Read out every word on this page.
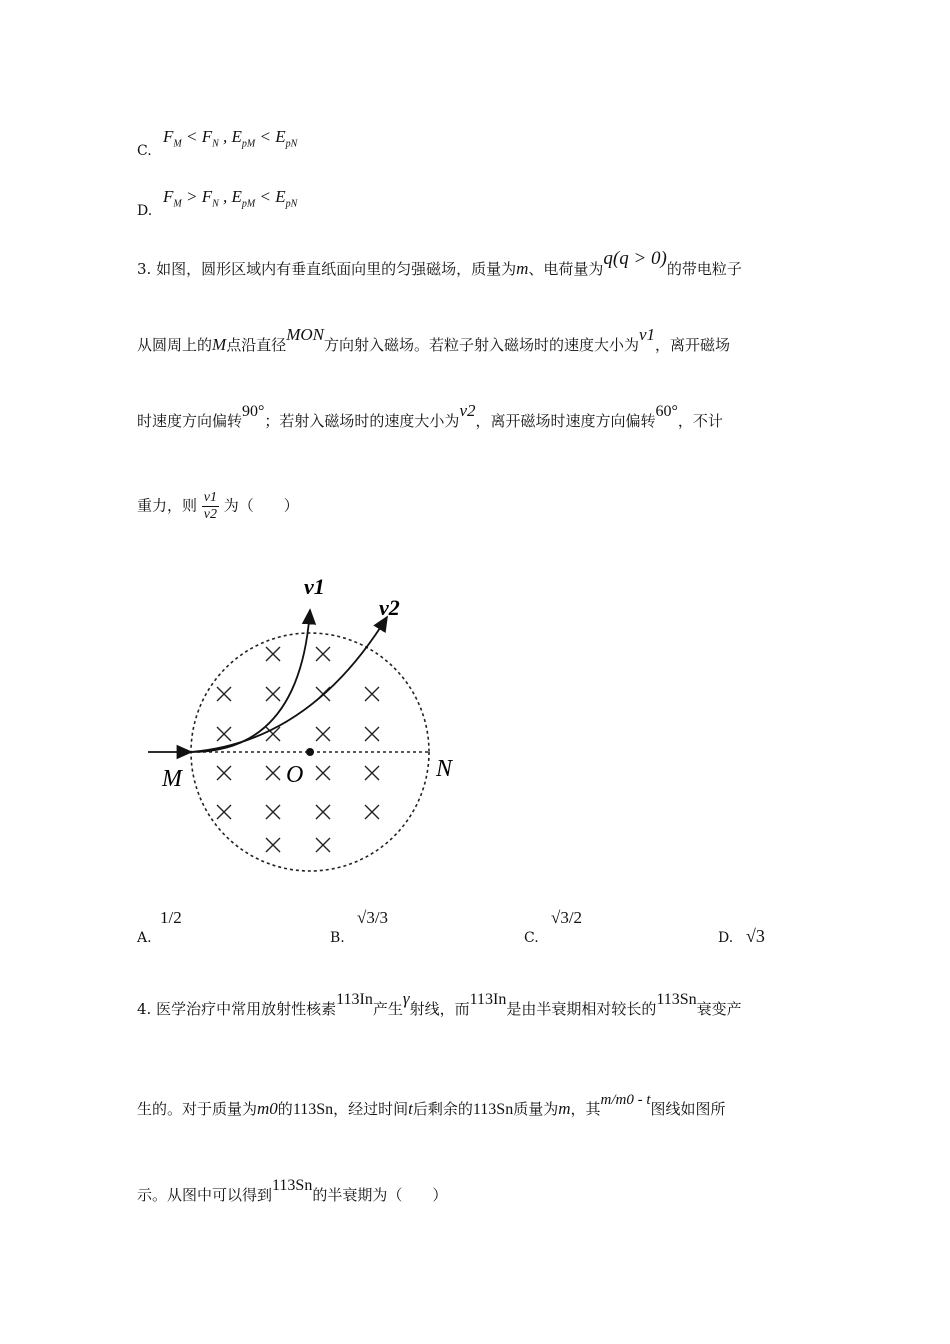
C.
$F_M < F_N$ , $E_{pM} < E_{pN}$
D.
$F_M > F_N$ , $E_{pM} < E_{pN}$
3. 如图，圆形区域内有垂直纸面向里的匀强磁场，质量为m、电荷量为q(q > 0)的带电粒子
从圆周上的M点沿直径MON方向射入磁场。若粒子射入磁场时的速度大小为v1，离开磁场
时速度方向偏转90°；若射入磁场时的速度大小为v2，离开磁场时速度方向偏转60°，不计
重力，则 $\frac{v1}{v2}$ 为（　　）
v1
v2
M	O	N
A.
1/2
B.
√3/3
C.
√3/2
D. √3
4. 医学治疗中常用放射性核素113In产生γ射线，而113In是由半衰期相对较长的113Sn衰变产
生的。对于质量为m0的113Sn，经过时间t后剩余的113Sn质量为m，其m/m0 - t图线如图所
示。从图中可以得到113Sn的半衰期为（　　）
